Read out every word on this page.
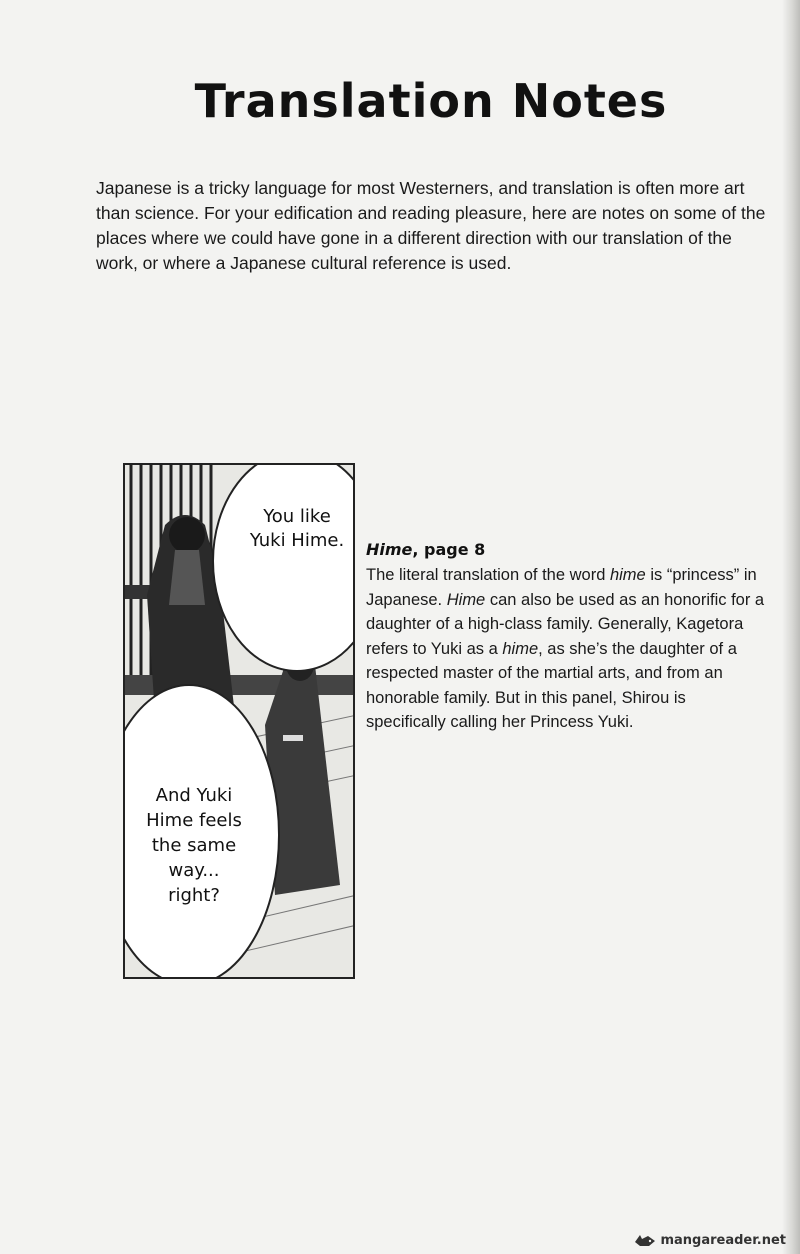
Translation Notes

Japanese is a tricky language for most Westerners, and translation is often more art than science. For your edification and reading pleasure, here are notes on some of the places where we could have gone in a different direction with our translation of the work, or where a Japanese cultural reference is used.

You like
Yuki Hime.
And Yuki
Hime feels
the same
way...
right?

Hime, page 8

The literal translation of the word hime is “princess” in Japanese. Hime can also be used as an honorific for a daughter of a high-class family. Generally, Kagetora refers to Yuki as a hime, as she’s the daughter of a respected master of the martial arts, and from an honorable family. But in this panel, Shirou is specifically calling her Princess Yuki.

mangareader.net
